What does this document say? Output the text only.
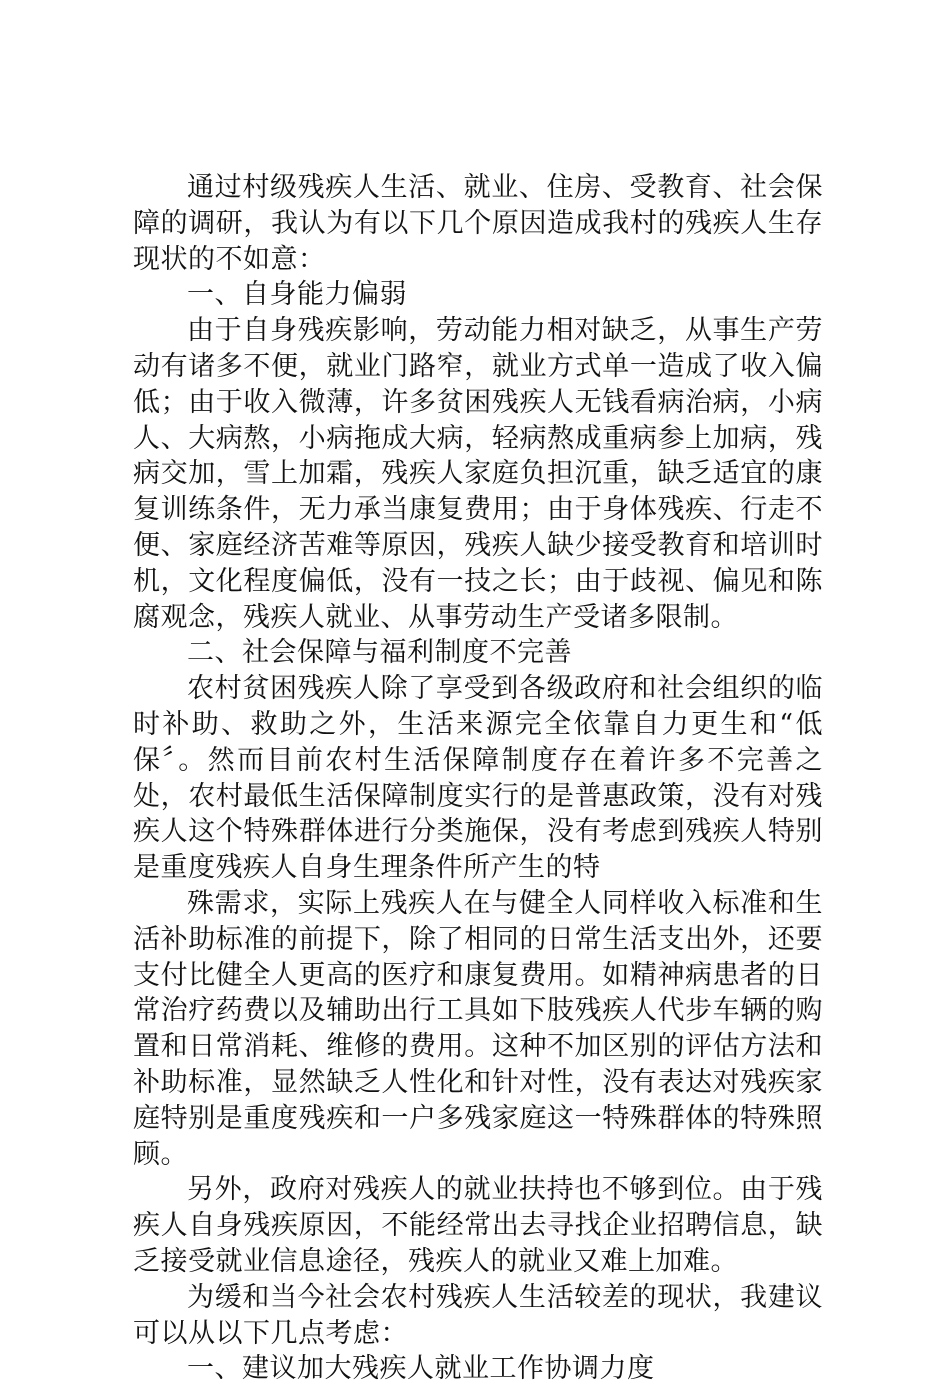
通过村级残疾人生活、就业、住房、受教育、社会保障的调研，我认为有以下几个原因造成我村的残疾人生存现状的不如意：

一、自身能力偏弱

由于自身残疾影响，劳动能力相对缺乏，从事生产劳动有诸多不便，就业门路窄，就业方式单一造成了收入偏低；由于收入微薄，许多贫困残疾人无钱看病治病，小病人、大病熬，小病拖成大病，轻病熬成重病参上加病，残病交加，雪上加霜，残疾人家庭负担沉重，缺乏适宜的康复训练条件，无力承当康复费用；由于身体残疾、行走不便、家庭经济苦难等原因，残疾人缺少接受教育和培训时机，文化程度偏低，没有一技之长；由于歧视、偏见和陈腐观念，残疾人就业、从事劳动生产受诸多限制。

二、社会保障与福利制度不完善

农村贫困残疾人除了享受到各级政府和社会组织的临时补助、救助之外，生活来源完全依靠自力更生和“低保〞。然而目前农村生活保障制度存在着许多不完善之处，农村最低生活保障制度实行的是普惠政策，没有对残疾人这个特殊群体进行分类施保，没有考虑到残疾人特别是重度残疾人自身生理条件所产生的特

殊需求，实际上残疾人在与健全人同样收入标准和生活补助标准的前提下，除了相同的日常生活支出外，还要支付比健全人更高的医疗和康复费用。如精神病患者的日常治疗药费以及辅助出行工具如下肢残疾人代步车辆的购置和日常消耗、维修的费用。这种不加区别的评估方法和补助标准，显然缺乏人性化和针对性，没有表达对残疾家庭特别是重度残疾和一户多残家庭这一特殊群体的特殊照顾。

另外，政府对残疾人的就业扶持也不够到位。由于残疾人自身残疾原因，不能经常出去寻找企业招聘信息，缺乏接受就业信息途径，残疾人的就业又难上加难。

为缓和当今社会农村残疾人生活较差的现状，我建议可以从以下几点考虑：

一、建议加大残疾人就业工作协调力度
